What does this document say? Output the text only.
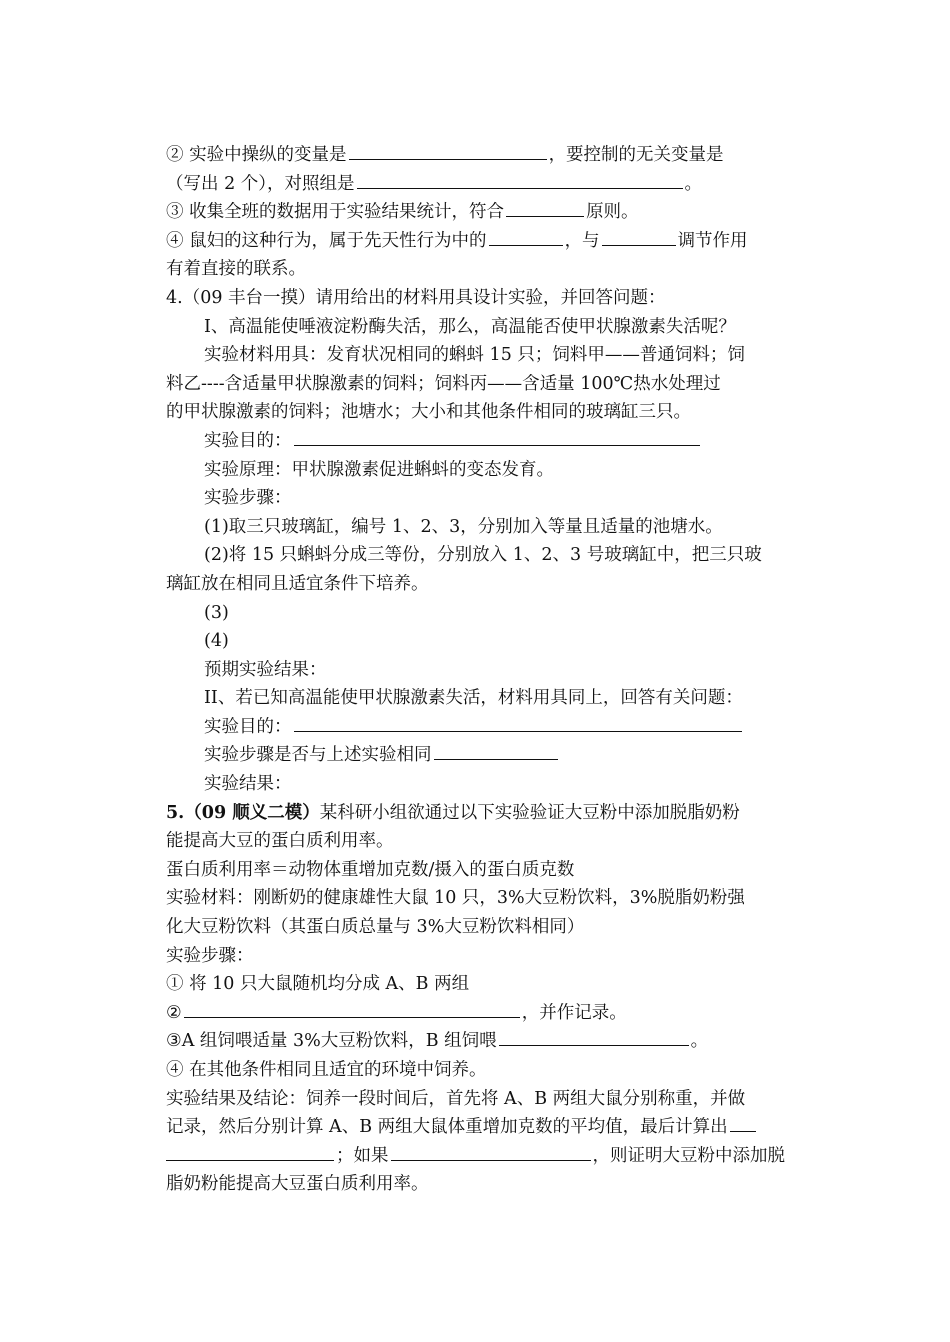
② 实验中操纵的变量是	，要控制的无关变量是
（写出 2 个），对照组是	。
③ 收集全班的数据用于实验结果统计，符合	原则。
④ 鼠妇的这种行为，属于先天性行为中的	，与	调节作用
有着直接的联系。
4.（09 丰台一摸）请用给出的材料用具设计实验，并回答问题：
I、高温能使唾液淀粉酶失活，那么，高温能否使甲状腺激素失活呢？
实验材料用具：发育状况相同的蝌蚪 15 只；饲料甲——普通饲料；饲
料乙----含适量甲状腺激素的饲料；饲料丙——含适量 100℃热水处理过
的甲状腺激素的饲料；池塘水；大小和其他条件相同的玻璃缸三只。
实验目的：
实验原理：甲状腺激素促进蝌蚪的变态发育。
实验步骤：
(1)取三只玻璃缸，编号 1、2、3，分别加入等量且适量的池塘水。
(2)将 15 只蝌蚪分成三等份，分别放入 1、2、3 号玻璃缸中，把三只玻
璃缸放在相同且适宜条件下培养。
(3)
(4)
预期实验结果：
II、若已知高温能使甲状腺激素失活，材料用具同上，回答有关问题：
实验目的：
实验步骤是否与上述实验相同
实验结果：
5.（09 顺义二模）某科研小组欲通过以下实验验证大豆粉中添加脱脂奶粉
能提高大豆的蛋白质利用率。
蛋白质利用率＝动物体重增加克数/摄入的蛋白质克数
实验材料：刚断奶的健康雄性大鼠 10 只，3%大豆粉饮料，3%脱脂奶粉强
化大豆粉饮料（其蛋白质总量与 3%大豆粉饮料相同）
实验步骤：
① 将 10 只大鼠随机均分成 A、B 两组
②	，并作记录。
③A 组饲喂适量 3%大豆粉饮料，B 组饲喂	。
④ 在其他条件相同且适宜的环境中饲养。
实验结果及结论：饲养一段时间后，首先将 A、B 两组大鼠分别称重，并做
记录，然后分别计算 A、B 两组大鼠体重增加克数的平均值，最后计算出
；如果	，则证明大豆粉中添加脱
脂奶粉能提高大豆蛋白质利用率。
